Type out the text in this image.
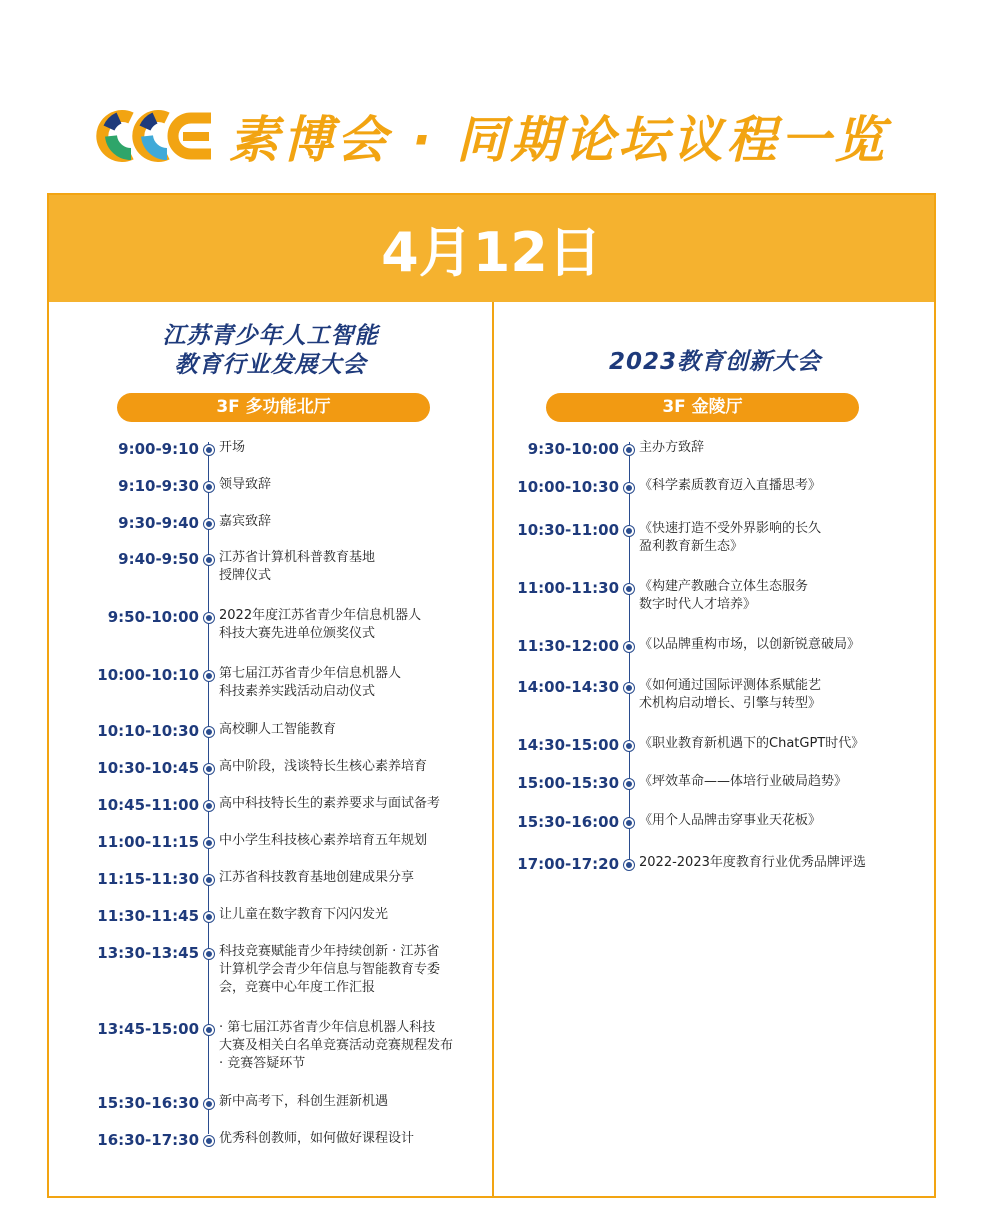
素博会 · 同期论坛议程一览
4月12日
江苏青少年人工智能
教育行业发展大会
3F 多功能北厅
9:00-9:10 开场
9:10-9:30 领导致辞
9:30-9:40 嘉宾致辞
9:40-9:50 江苏省计算机科普教育基地
授牌仪式
9:50-10:00 2022年度江苏省青少年信息机器人
科技大赛先进单位颁奖仪式
10:00-10:10 第七届江苏省青少年信息机器人
科技素养实践活动启动仪式
10:10-10:30 高校聊人工智能教育
10:30-10:45 高中阶段，浅谈特长生核心素养培育
10:45-11:00 高中科技特长生的素养要求与面试备考
11:00-11:15 中小学生科技核心素养培育五年规划
11:15-11:30 江苏省科技教育基地创建成果分享
11:30-11:45 让儿童在数字教育下闪闪发光
13:30-13:45 科技竞赛赋能青少年持续创新 · 江苏省
计算机学会青少年信息与智能教育专委
会，竞赛中心年度工作汇报
13:45-15:00 · 第七届江苏省青少年信息机器人科技
大赛及相关白名单竞赛活动竞赛规程发布
· 竞赛答疑环节
15:30-16:30 新中高考下，科创生涯新机遇
16:30-17:30 优秀科创教师，如何做好课程设计
2023教育创新大会
3F 金陵厅
9:30-10:00 主办方致辞
10:00-10:30 《科学素质教育迈入直播思考》
10:30-11:00 《快速打造不受外界影响的长久
盈利教育新生态》
11:00-11:30 《构建产教融合立体生态服务
数字时代人才培养》
11:30-12:00 《以品牌重构市场，以创新锐意破局》
14:00-14:30 《如何通过国际评测体系赋能艺
术机构启动增长、引擎与转型》
14:30-15:00 《职业教育新机遇下的ChatGPT时代》
15:00-15:30 《坪效革命——体培行业破局趋势》
15:30-16:00 《用个人品牌击穿事业天花板》
17:00-17:20 2022-2023年度教育行业优秀品牌评选
